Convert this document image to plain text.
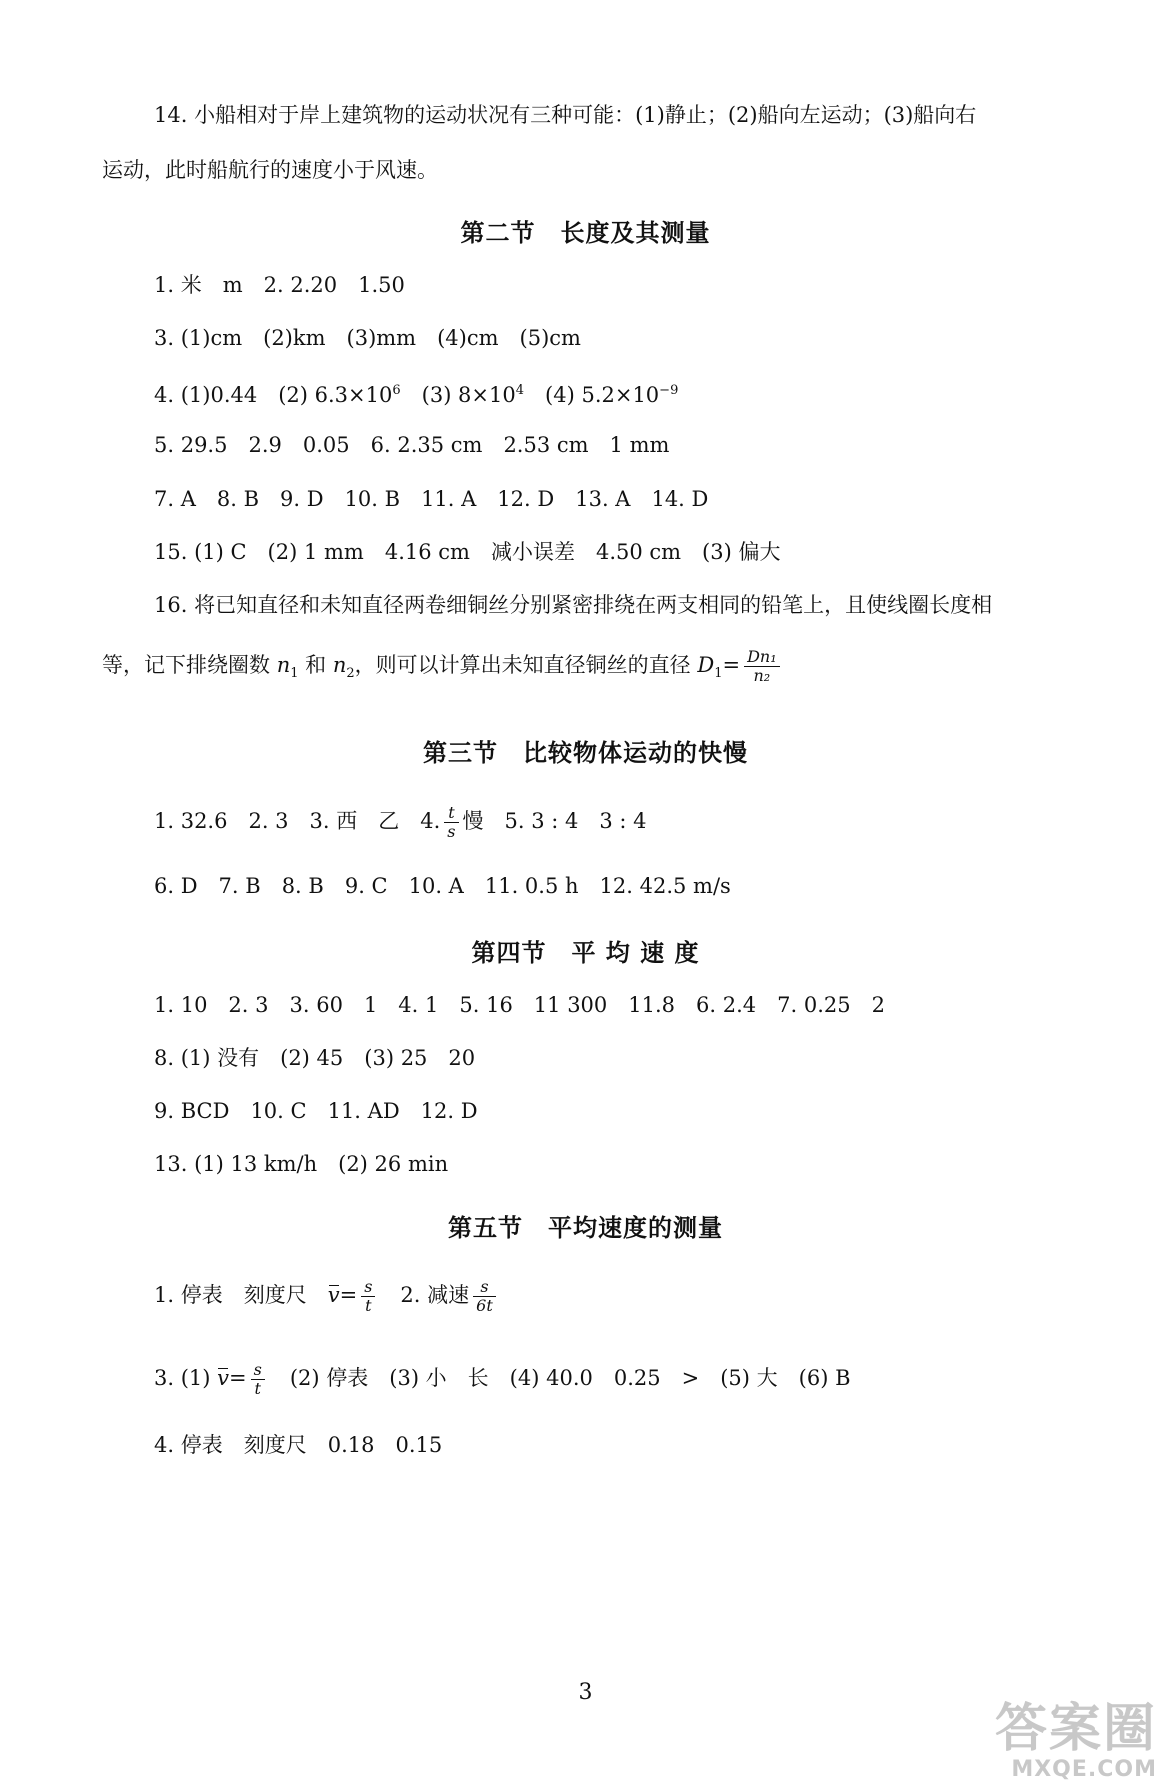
14. 小船相对于岸上建筑物的运动状况有三种可能：(1)静止；(2)船向左运动；(3)船向右
运动，此时船航行的速度小于风速。
第二节　长度及其测量
1. 米　m　2. 2.20　1.50
3. (1)cm　(2)km　(3)mm　(4)cm　(5)cm
4. (1)0.44　(2) $6.3\times 10^6$　(3) $8\times 10^4$　(4) $5.2\times 10^{-9}$
5. 29.5　2.9　0.05　6. 2.35 cm　2.53 cm　1 mm
7. A　8. B　9. D　10. B　11. A　12. D　13. A　14. D
15. (1) C　(2) 1 mm　4.16 cm　减小误差　4.50 cm　(3) 偏大
16. 将已知直径和未知直径两卷细铜丝分别紧密排绕在两支相同的铅笔上，且使线圈长度相
等，记下排绕圈数 $n_1$ 和 $n_2$，则可以计算出未知直径铜丝的直径 $D_1= \frac{\text{Dn₁}}{\text{n₂}}$
第三节　比较物体运动的快慢
1. 32.6　2. 3　3. 西　乙　4. $\frac{t}{s}$ 慢　5. 3 : 4　3 : 4
6. D　7. B　8. B　9. C　10. A　11. 0.5 h　12. 42.5 m/s
第四节　平 均 速 度
1. 10　2. 3　3. 60　1　4. 1　5. 16　11 300　11.8　6. 2.4　7. 0.25　2
8. (1) 没有　(2) 45　(3) 25　20
9. BCD　10. C　11. AD　12. D
13. (1) 13 km/h　(2) 26 min
第五节　平均速度的测量
1. 停表　刻度尺　$v= \frac{s}{t}$ 　2. 减速 $\frac{s}{6t}$
3. (1) $v= \frac{s}{t}$ 　(2) 停表　(3) 小　长　(4) 40.0　0.25　>　(5) 大　(6) B
4. 停表　刻度尺　0.18　0.15
3
答案圈
MXQE.COM
